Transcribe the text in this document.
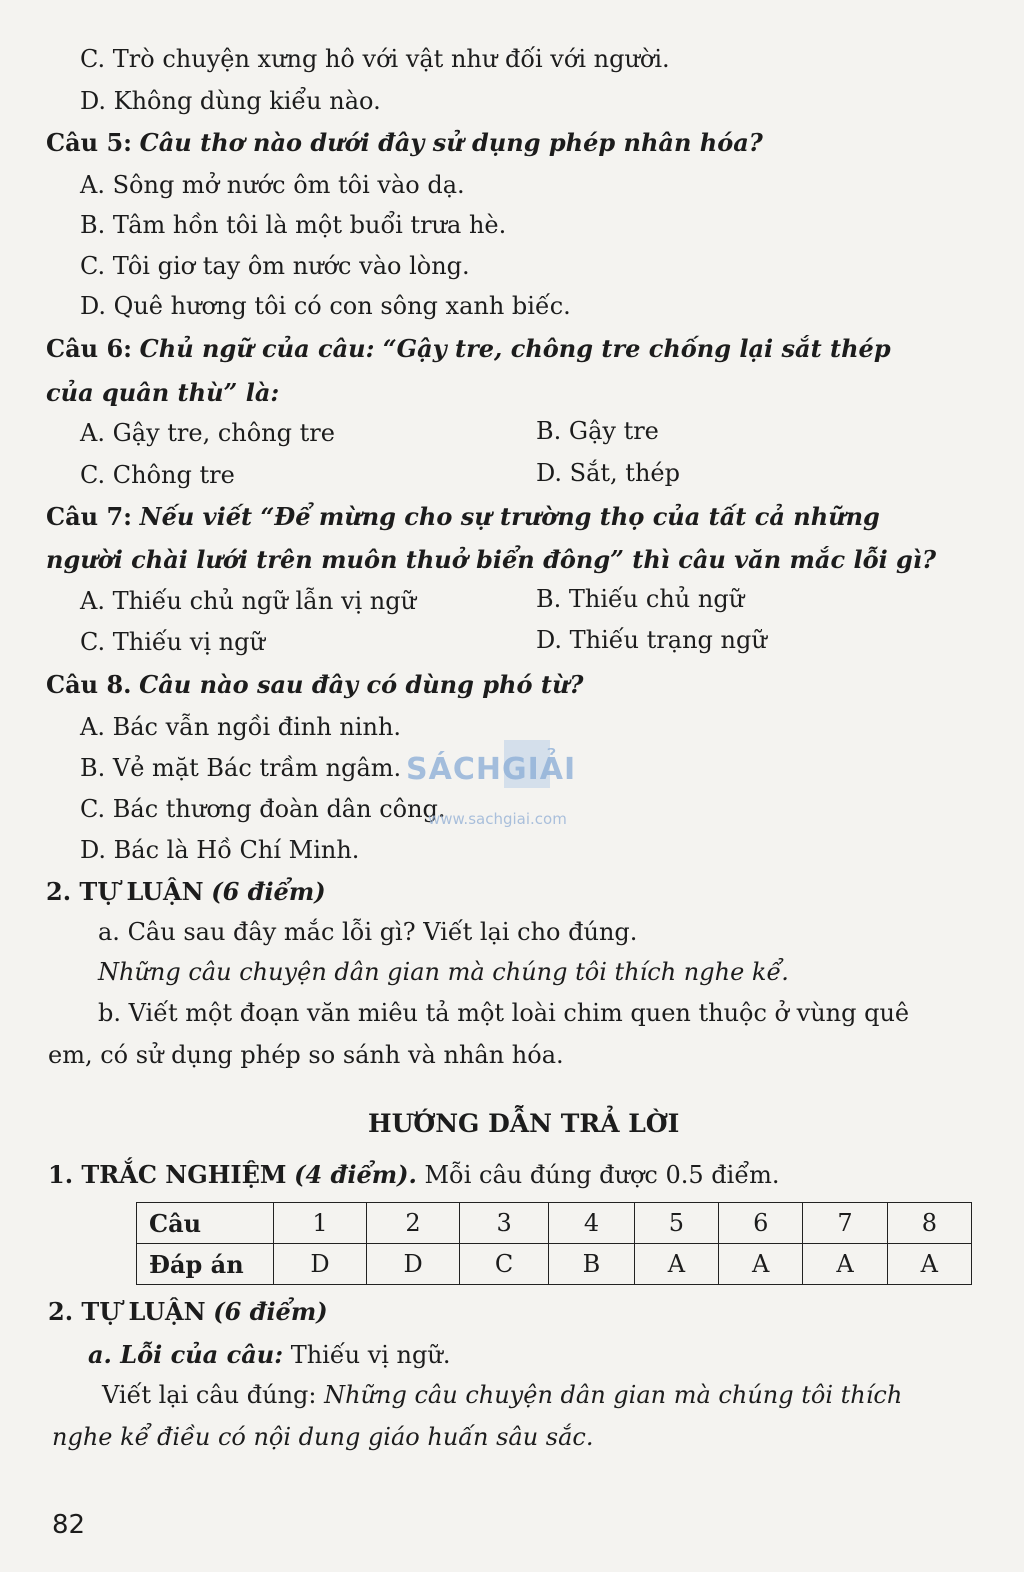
C. Trò chuyện xưng hô với vật như đối với người.
D. Không dùng kiểu nào.
Câu 5: Câu thơ nào dưới đây sử dụng phép nhân hóa?
A. Sông mở nước ôm tôi vào dạ.
B. Tâm hồn tôi là một buổi trưa hè.
C. Tôi giơ tay ôm nước vào lòng.
D. Quê hương tôi có con sông xanh biếc.
Câu 6: Chủ ngữ của câu: “Gậy tre, chông tre chống lại sắt thép
của quân thù” là:
A. Gậy tre, chông tre	B. Gậy tre
C. Chông tre	D. Sắt, thép
Câu 7: Nếu viết “Để mừng cho sự trường thọ của tất cả những
người chài lưới trên muôn thuở biển đông” thì câu văn mắc lỗi gì?
A. Thiếu chủ ngữ lẫn vị ngữ	B. Thiếu chủ ngữ
C. Thiếu vị ngữ	D. Thiếu trạng ngữ
Câu 8. Câu nào sau đây có dùng phó từ?
A. Bác vẫn ngồi đinh ninh.
B. Vẻ mặt Bác trầm ngâm.
C. Bác thương đoàn dân công.
D. Bác là Hồ Chí Minh.
2. TỰ LUẬN (6 điểm)
a. Câu sau đây mắc lỗi gì? Viết lại cho đúng.
Những câu chuyện dân gian mà chúng tôi thích nghe kể.
b. Viết một đoạn văn miêu tả một loài chim quen thuộc ở vùng quê
em, có sử dụng phép so sánh và nhân hóa.
SÁCHGIẢI
www.sachgiai.com
HƯỚNG DẪN TRẢ LỜI
1. TRẮC NGHIỆM (4 điểm). Mỗi câu đúng được 0.5 điểm.
Câu	1	2	3	4	5	6	7	8
Đáp án	D	D	C	B	A	A	A	A
2. TỰ LUẬN (6 điểm)
a. Lỗi của câu: Thiếu vị ngữ.
Viết lại câu đúng: Những câu chuyện dân gian mà chúng tôi thích
nghe kể điều có nội dung giáo huấn sâu sắc.
82
